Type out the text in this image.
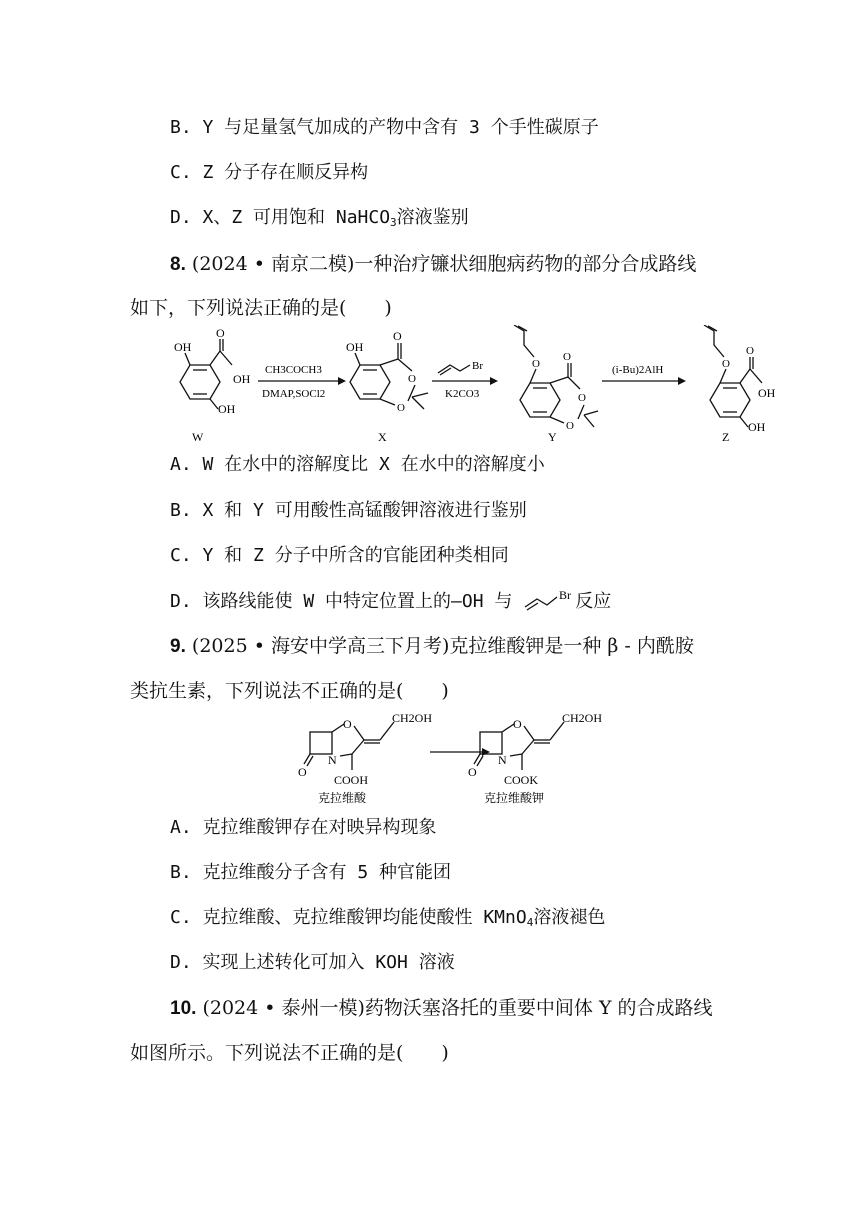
B. Y 与足量氢气加成的产物中含有 3 个手性碳原子
C. Z 分子存在顺反异构
D. X、Z 可用饱和 NaHCO$_3$溶液鉴别
8. (2024 • 南京二模)一种治疗镰状细胞病药物的部分合成路线
如下，下列说法正确的是(　　)
OH
O
OH
OH
W
CH3COCH3
DMAP,SOCl2
OH
O
O
O
X
Br
K2CO3
O
O
O
O
Y
(i-Bu)2AlH	O
O
OH
OH
Z
A. W 在水中的溶解度比 X 在水中的溶解度小
B. X 和 Y 可用酸性高锰酸钾溶液进行鉴别
C. Y 和 Z 分子中所含的官能团种类相同
D. 该路线能使 W 中特定位置上的—OH 与	Br 反应
9. (2025 • 海安中学高三下月考)克拉维酸钾是一种 β - 内酰胺
类抗生素，下列说法不正确的是(　　)
N
O
O	CH2OH
COOH
克拉维酸
N
O
O	CH2OH
COOK
克拉维酸钾
A. 克拉维酸钾存在对映异构现象
B. 克拉维酸分子含有 5 种官能团
C. 克拉维酸、克拉维酸钾均能使酸性 KMnO$_4$溶液褪色
D. 实现上述转化可加入 KOH 溶液
10. (2024 • 泰州一模)药物沃塞洛托的重要中间体 Y 的合成路线
如图所示。下列说法不正确的是(　　)
